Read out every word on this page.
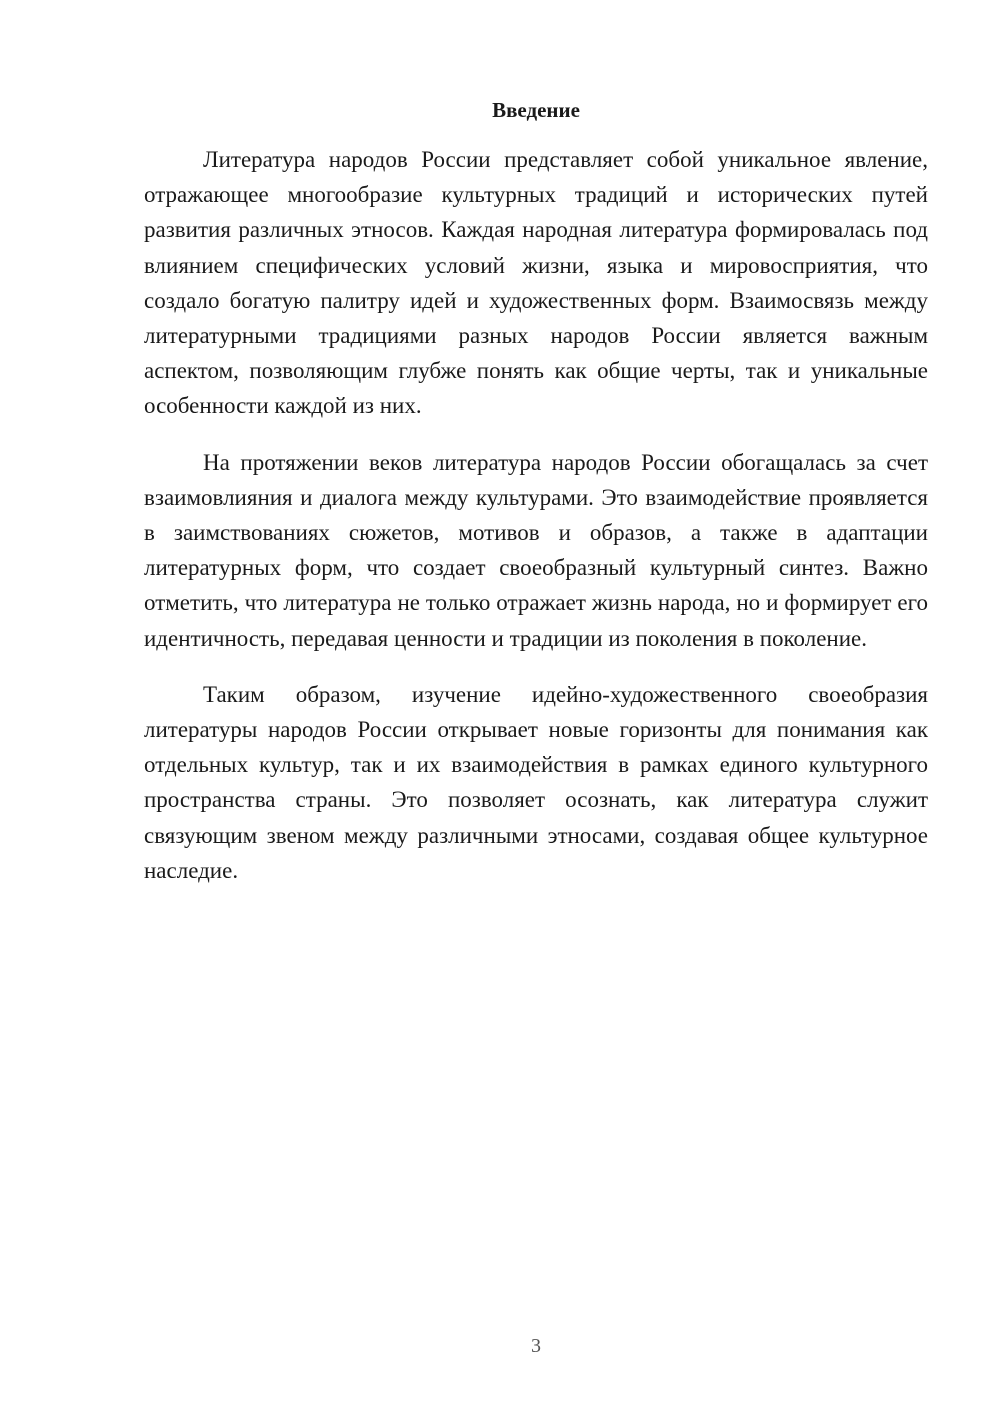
Введение

Литература народов России представляет собой уникальное явление, отражающее многообразие культурных традиций и исторических путей развития различных этносов. Каждая народная литература формировалась под влиянием специфических условий жизни, языка и мировосприятия, что создало богатую палитру идей и художественных форм. Взаимосвязь между литературными традициями разных народов России является важным аспектом, позволяющим глубже понять как общие черты, так и уникальные особенности каждой из них.

На протяжении веков литература народов России обогащалась за счет взаимовлияния и диалога между культурами. Это взаимодействие проявляется в заимствованиях сюжетов, мотивов и образов, а также в адаптации литературных форм, что создает своеобразный культурный синтез. Важно отметить, что литература не только отражает жизнь народа, но и формирует его идентичность, передавая ценности и традиции из поколения в поколение.

Таким образом, изучение идейно-художественного своеобразия литературы народов России открывает новые горизонты для понимания как отдельных культур, так и их взаимодействия в рамках единого культурного пространства страны. Это позволяет осознать, как литература служит связующим звеном между различными этносами, создавая общее культурное наследие.

3
